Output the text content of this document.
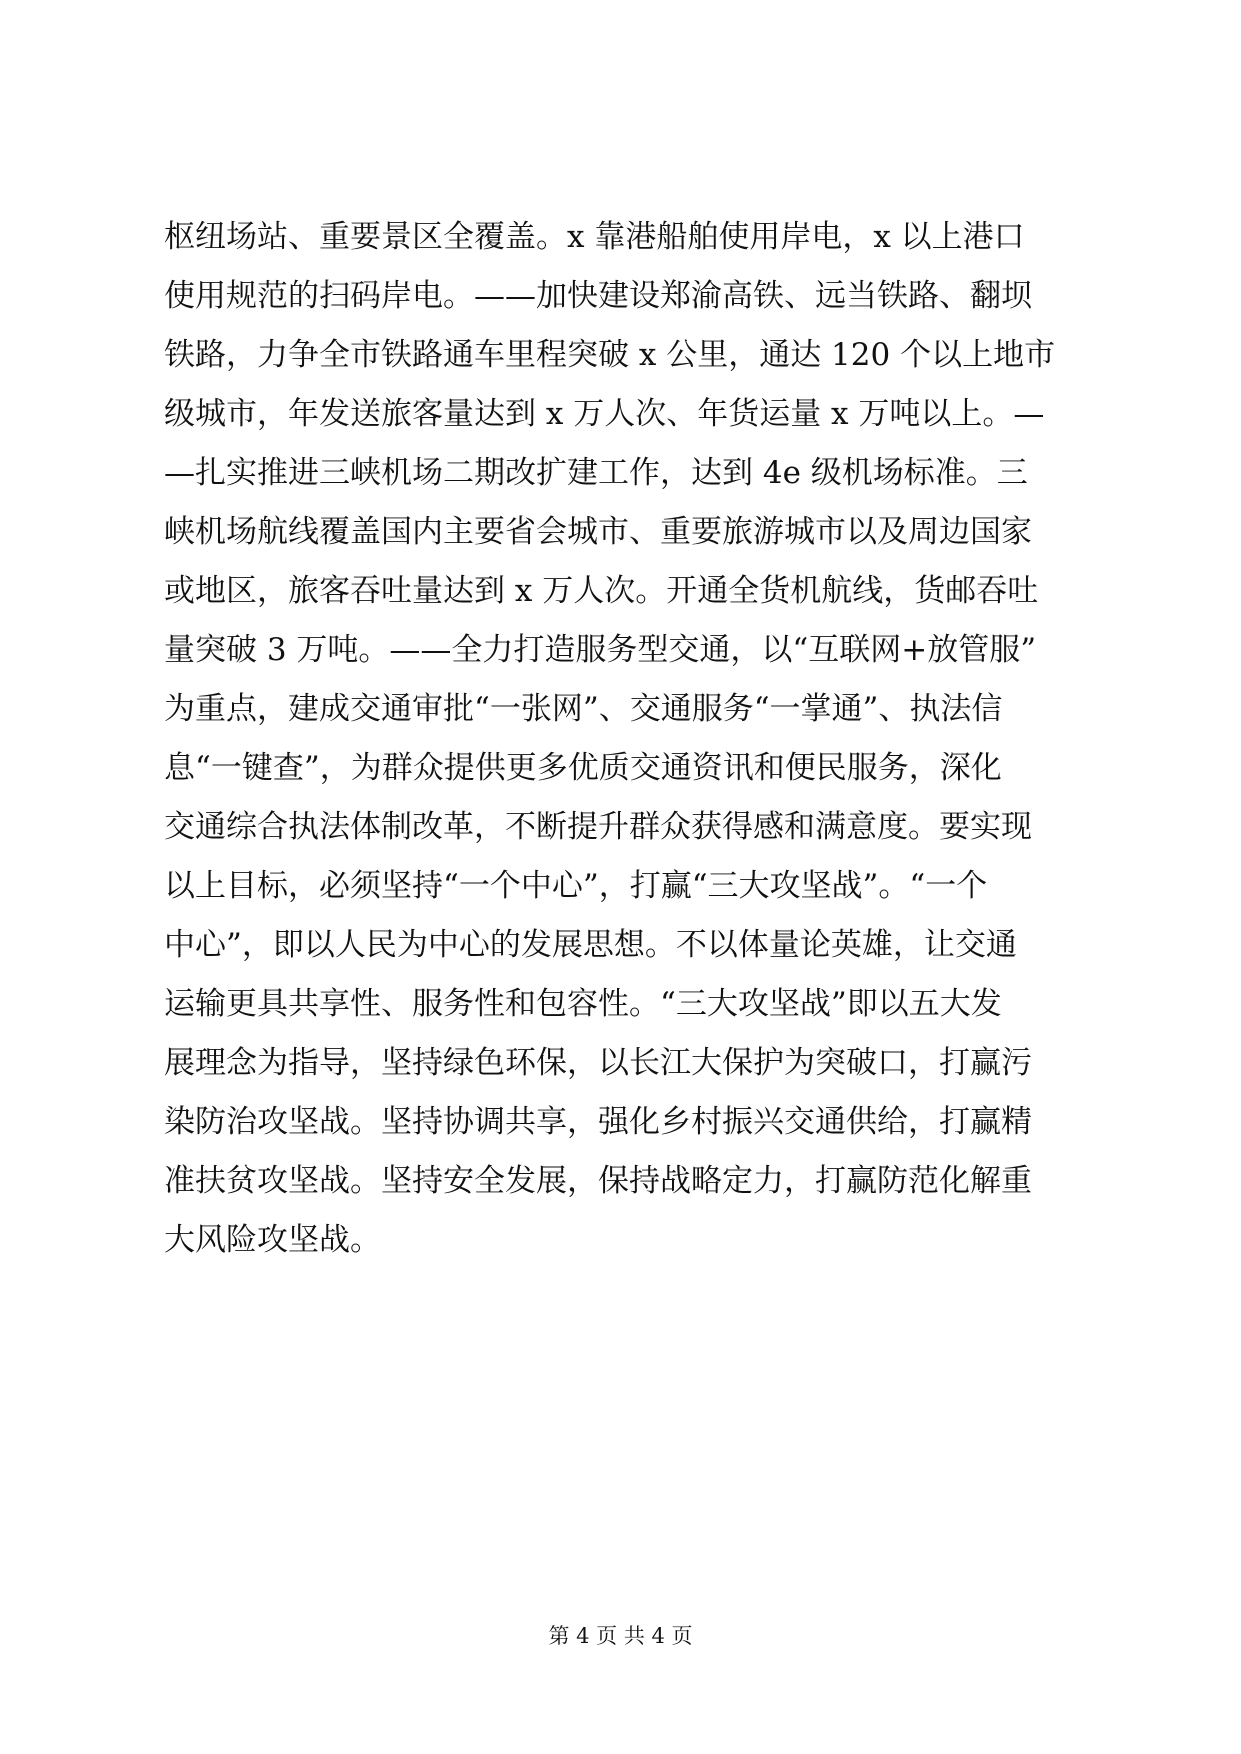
枢纽场站、重要景区全覆盖。x 靠港船舶使用岸电，x 以上港口
使用规范的扫码岸电。——加快建设郑渝高铁、远当铁路、翻坝
铁路，力争全市铁路通车里程突破 x 公里，通达 120 个以上地市
级城市，年发送旅客量达到 x 万人次、年货运量 x 万吨以上。—
—扎实推进三峡机场二期改扩建工作，达到 4e 级机场标准。三
峡机场航线覆盖国内主要省会城市、重要旅游城市以及周边国家
或地区，旅客吞吐量达到 x 万人次。开通全货机航线，货邮吞吐
量突破 3 万吨。——全力打造服务型交通，以“互联网+放管服”
为重点，建成交通审批“一张网”、交通服务“一掌通”、执法信
息“一键查”，为群众提供更多优质交通资讯和便民服务，深化
交通综合执法体制改革，不断提升群众获得感和满意度。要实现
以上目标，必须坚持“一个中心”，打赢“三大攻坚战”。“一个
中心”，即以人民为中心的发展思想。不以体量论英雄，让交通
运输更具共享性、服务性和包容性。“三大攻坚战”即以五大发
展理念为指导，坚持绿色环保，以长江大保护为突破口，打赢污
染防治攻坚战。坚持协调共享，强化乡村振兴交通供给，打赢精
准扶贫攻坚战。坚持安全发展，保持战略定力，打赢防范化解重
大风险攻坚战。
第 4 页 共 4 页
